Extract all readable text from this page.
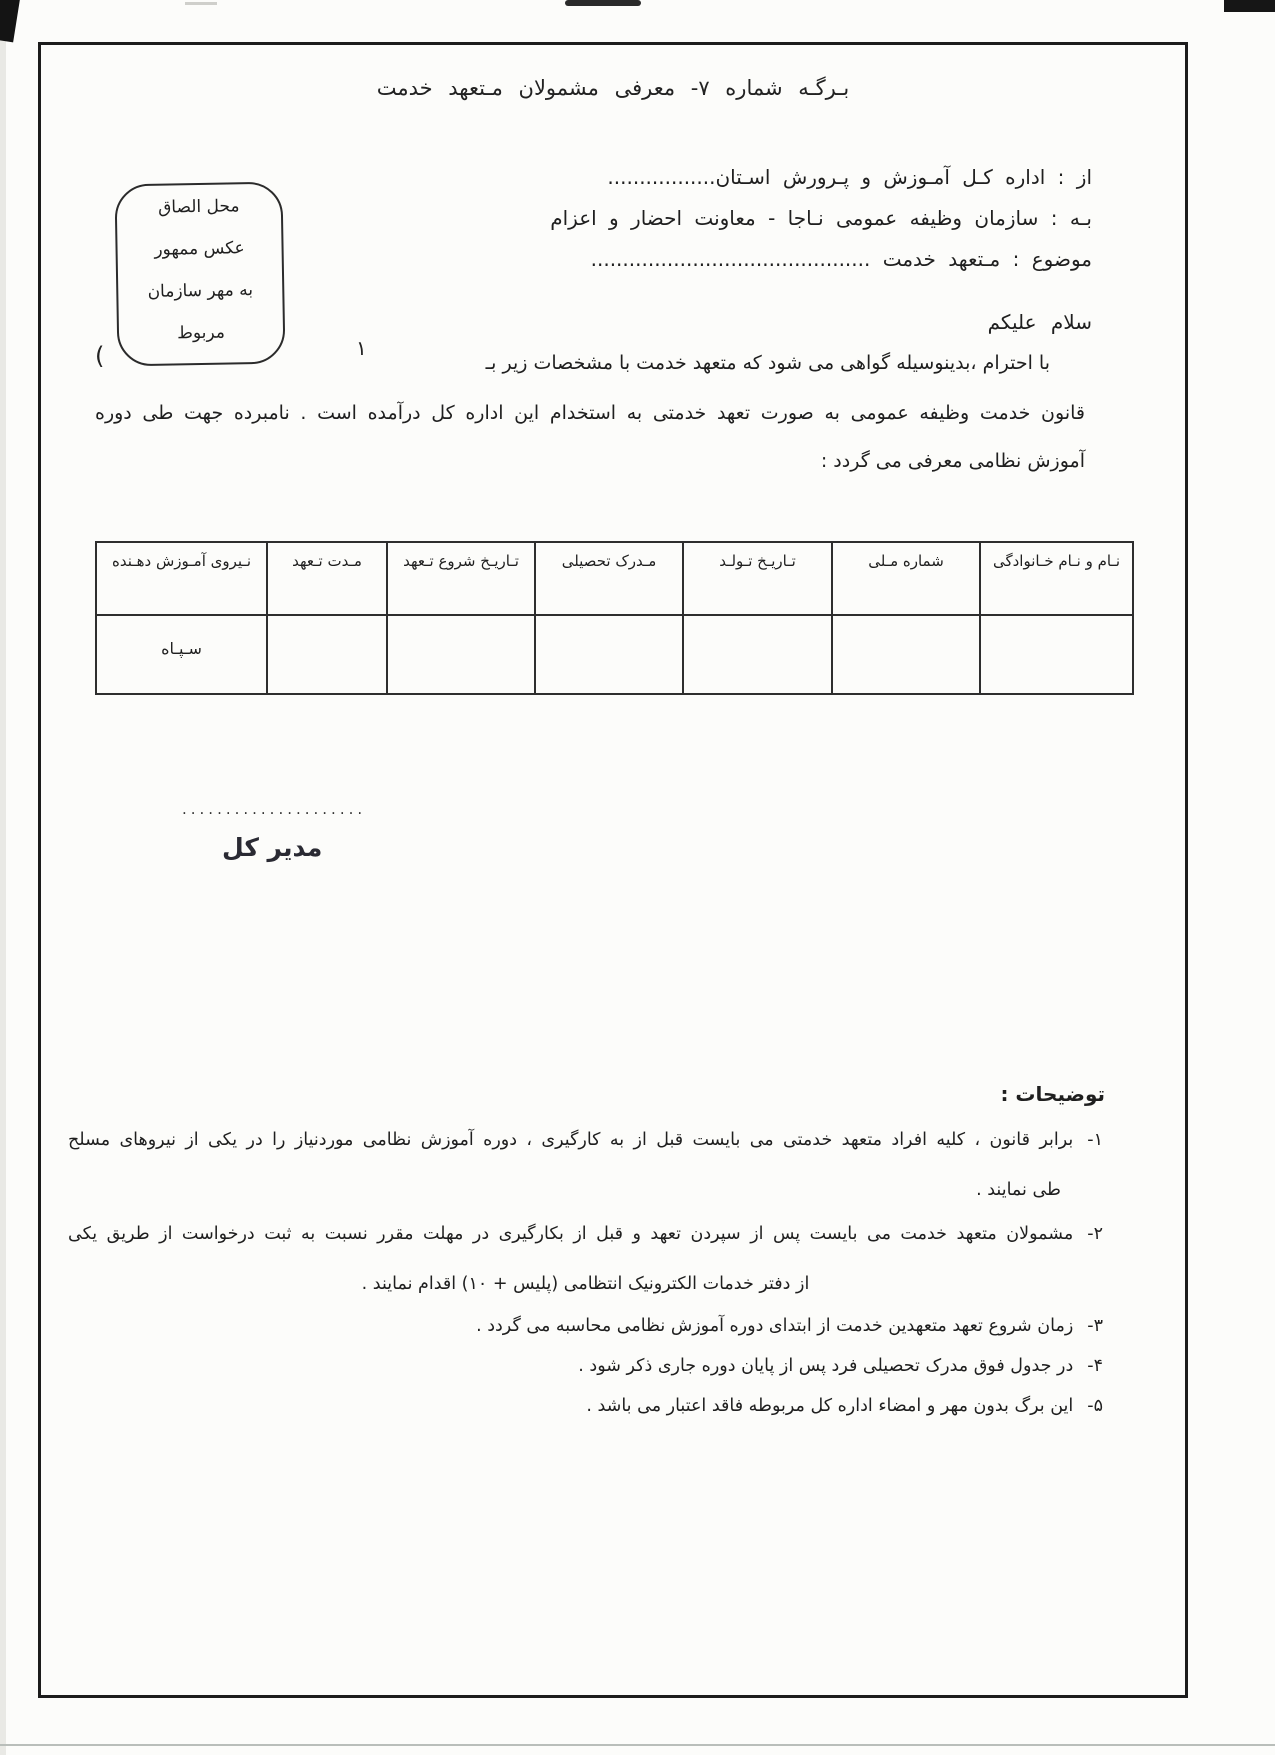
بـرگـه شماره ۷- معرفی مشمولان مـتعهد خدمت
محل الصاق
عکس ممهور
به مهر سازمان
مربوط
از : اداره کـل آمـوزش و پـرورش اسـتان.................
بـه : سازمان وظیفه عمومی نـاجا - معاونت احضار و اعزام
موضوع : مـتعهد خدمت ............................................
سلام علیکم
با احترام ،بدینوسیله گواهی می شود که متعهد خدمت با مشخصات زیر بـ
(	۱
قانون خدمت وظیفه عمومی به صورت تعهد خدمتی به استخدام این اداره کل درآمده است . نامبرده جهت طی دوره
آموزش نظامی معرفی می گردد :
نـام و نـام خـانوادگی	شماره مـلی	تـاریـخ تـولـد	مـدرک تحصیلی	تـاریـخ شروع تـعهد	مـدت تـعهد	نـیروی آمـوزش دهـنده
						سـپـاه
.....................
مدیر کل
توضیحات :
۱-برابر قانون ، کلیه افراد متعهد خدمتی می بایست قبل از به کارگیری ، دوره آموزش نظامی موردنیاز را در یکی از نیروهای مسلح
طی نمایند .
۲-مشمولان متعهد خدمت می بایست پس از سپردن تعهد و قبل از بکارگیری در مهلت مقرر نسبت به ثبت درخواست از طریق یکی
از دفتر خدمات الکترونیک انتظامی (پلیس + ۱۰) اقدام نمایند .
۳-زمان شروع تعهد متعهدین خدمت از ابتدای دوره آموزش نظامی محاسبه می گردد .
۴-در جدول فوق مدرک تحصیلی فرد پس از پایان دوره جاری ذکر شود .
۵-این برگ بدون مهر و امضاء اداره کل مربوطه فاقد اعتبار می باشد .
